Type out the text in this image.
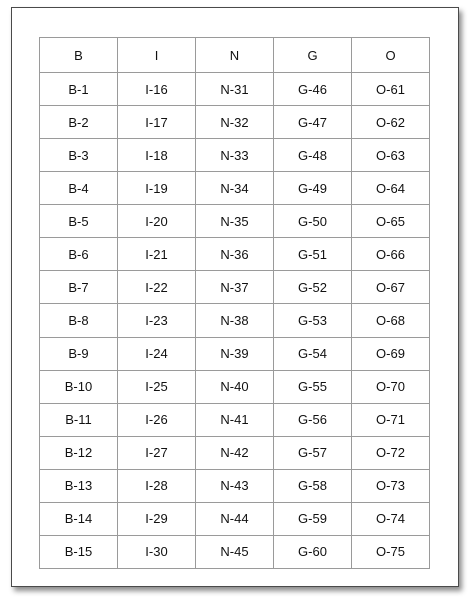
B	I	N	G	O
B-1	I-16	N-31	G-46	O-61
B-2	I-17	N-32	G-47	O-62
B-3	I-18	N-33	G-48	O-63
B-4	I-19	N-34	G-49	O-64
B-5	I-20	N-35	G-50	O-65
B-6	I-21	N-36	G-51	O-66
B-7	I-22	N-37	G-52	O-67
B-8	I-23	N-38	G-53	O-68
B-9	I-24	N-39	G-54	O-69
B-10	I-25	N-40	G-55	O-70
B-11	I-26	N-41	G-56	O-71
B-12	I-27	N-42	G-57	O-72
B-13	I-28	N-43	G-58	O-73
B-14	I-29	N-44	G-59	O-74
B-15	I-30	N-45	G-60	O-75
